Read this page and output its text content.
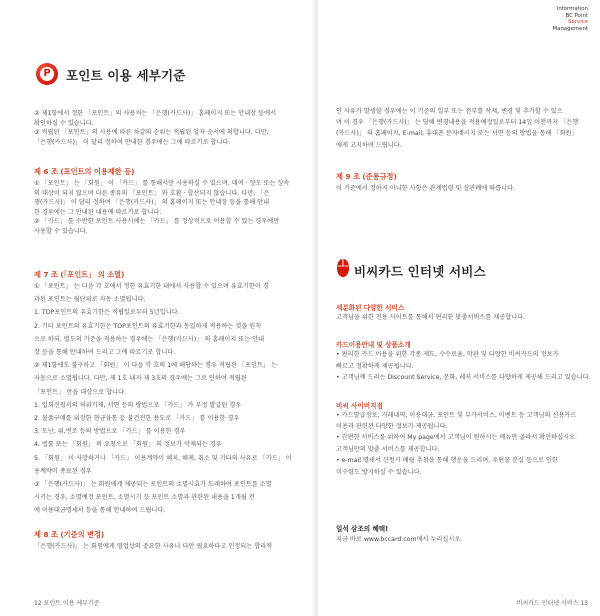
P 포인트 이용 세부기준
② 제1항에서 정한 「포인트」의 사용처는 「은행(카드사)」 홈페이지 또는 안내장 등에서
확인하실 수 있습니다.
③ 적립된 「포인트」의 사용에 따른 차감의 순위는 적립된 일자 순서에 의합니다. 다만,
「은행(카드사)」 이 달리 정하여 안내한 경우에는 그에 따르기로 합니다.
제 6 조 (포인트의 이용제한 등)
① 「포인트」 는 「회원」 이 「카드」 를 통해서만 사용하실 수 있으며, 대여 · 양도 또는 상속
의 대상이 되지 않으며 다른 종류의 「포인트」 와 호환 · 합산되지 않습니다. 다만, 「은
행(카드사)」 이 달리 정하여 「은행(카드사)」 의 홈페이지 또는 안내장 등을 통해 안내
한 경우에는 그 안내된 내용에 따르기로 합니다.
② 「카드」 를 수반한 포인트 사용시에는 「카드」 를 정상적으로 이용할 수 있는 경우에만
사용할 수 있습니다.
제 7 조 (「포인트」 의 소멸)
① 「포인트」 는 다음 각 호에서 정한 유효기한 내에서 사용할 수 있으며 유효기한이 경
과된 포인트는 월단위로 자동 소멸됩니다.
1. TOP포인트의 유효기한은 적립일로부터 5년입니다.
2. 기타 포인트의 유효기한은 TOP포인트의 유효기한과 동일하게 적용하는 것을 원칙
으로 하되, 별도의 기준을 적용하는 경우에는 「은행(카드사)」 의 홈페이지 또는 안내
장 등을 통해 안내하여 드리고 그에 따르기로 합니다.
② 제1항에도 불구하고 「회원」 이 다음 각 호의 1에 해당하는 경우 적립된 「포인트」 는
자동으로 소멸됩니다. 다만, 제 1호 내지 제 3호의 경우에는 그로 인하여 적립된
「포인트」 만을 대상으로 합니다.
1. 입회신청서의 허위기재, 서면 등의 방법으로 「카드」 가 부정 발급된 경우
2. 물품구매를 위장한 현금융통 등 불건전한 용도로 「카드」 를 이용한 경우
3. 도난, 위,변조 등의 방법으로 「카드」 를 이용한 경우
4. 법률 또는 「회원」 의 요청으로 「회원」 의 정보가 삭제되는 경우
5. 「회원」 이 사망하거나 「카드」 이용계약이 해지, 해제, 취소 및 기타의 사유로 「카드」 이
용계약이 종료된 경우
③ 「은행(카드사)」 는 회원에게 제공되는 포인트의 소멸시효가 도래하여 포인트를 소멸
시키는 경우, 소멸예정 포인트, 소멸시기 등 포인트 소멸과 관련된 내용을 1개월 전
에 이용대금명세서 등을 통해 안내하여 드립니다.
제 8 조 (기준의 변경)
「은행(카드사)」 는 회원에게 영업상의 중요한 사유나 다만 필요하다고 인정되는 합리적
12 포인트 이용 세부기준
Information
BC Point
Service
Management
인 사유가 발생할 경우에는 이 기준의 일부 또는 전부를 삭제, 변경 및 추가할 수 있으
며 이 경우 「은행(카드사)」 는 당해 변경내용을 적용예정일로부터 14일 이전까지 「은행
(카드사)」 의 홈페이지, E-mail, 휴대폰 문자메시지 또는 서면 등의 방법을 통해 「회원」
에게 고지하여 드립니다.
제 9 조 (준용규정)
이 기준에서 정하지 아니한 사항은 관계법령 및 상관례에 따릅니다.
비씨카드 인터넷 서비스
세분화된 다양한 서비스
고객님을 위한 전용 사이트를 통해서 편리한 맞춤서비스를 제공합니다.
카드이용안내 및 상품소개
• 편리한 카드 이용을 위한 각종 제도, 수수료율, 약관 및 다양한 비씨카드의 정보가
빠르고 정확하게 제공됩니다.
• 고객님께 드리는 Discount Service, 문화, 레저 서비스를 다양하게 제공해 드리고 있습니다.
비씨 사이버지점
• 카드발급정보, 거래내역, 이용대금, 포인트 및 부가서비스, 이벤트 등 고객님의 신용카드
이용과 관련된 다양한 정보가 제공됩니다.
• 간편한 서비스를 위하여 My page에서 고객님이 원하시는 메뉴만 골라서 확인하십시오.
고객님만의 맞춤 서비스를 제공합니다.
• e-mail 명세서 신청시 매월 추첨을 통해 행운을 드리며, 우편물 분실 등으로 인한
미수령도 방지하실 수 있습니다.
일석 삼조의 혜택!
지금 바로 www.bccard.com에서 누리십시오.
비씨카드 인터넷 서비스 13
